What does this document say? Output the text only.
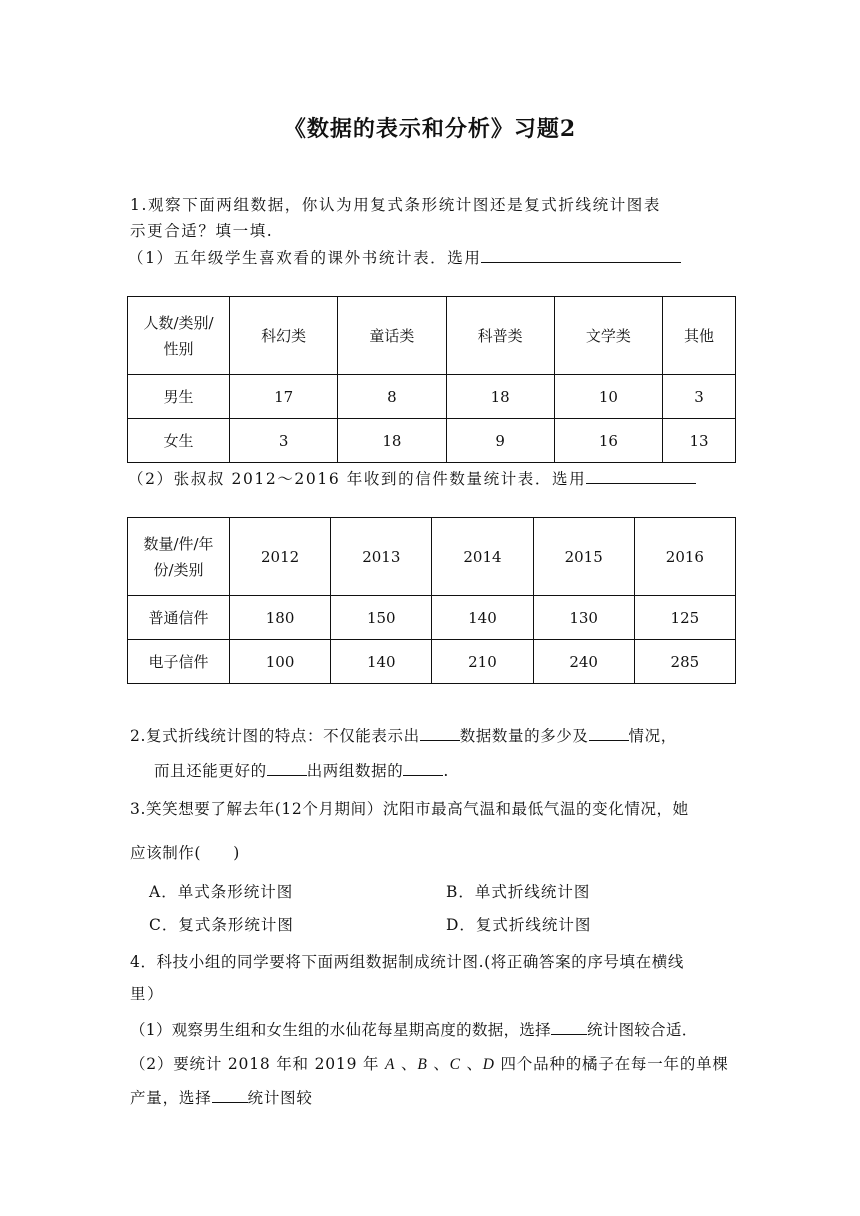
《数据的表示和分析》习题2
1.观察下面两组数据，你认为用复式条形统计图还是复式折线统计图表
示更合适？填一填.
（1）五年级学生喜欢看的课外书统计表．选用
人数/类别/
性别	科幻类	童话类	科普类	文学类	其他
男生	17	8	18	10	3
女生	3	18	9	16	13
（2）张叔叔 2012～2016 年收到的信件数量统计表．选用
数量/件/年
份/类别	2012	2013	2014	2015	2016
普通信件	180	150	140	130	125
电子信件	100	140	210	240	285
2.复式折线统计图的特点：不仅能表示出	数据数量的多少及	情况，
而且还能更好的	出两组数据的	.
3.笑笑想要了解去年(12个月期间）沈阳市最高气温和最低气温的变化情况，她
应该制作(　　)
A．单式条形统计图	B．单式折线统计图
C．复式条形统计图	D．复式折线统计图
4．科技小组的同学要将下面两组数据制成统计图.(将正确答案的序号填在横线
里）
（1）观察男生组和女生组的水仙花每星期高度的数据，选择 统计图较合适．
（2）要统计 2018 年和 2019 年 A 、B 、C 、D 四个品种的橘子在每一年的单棵
产量，选择 统计图较
